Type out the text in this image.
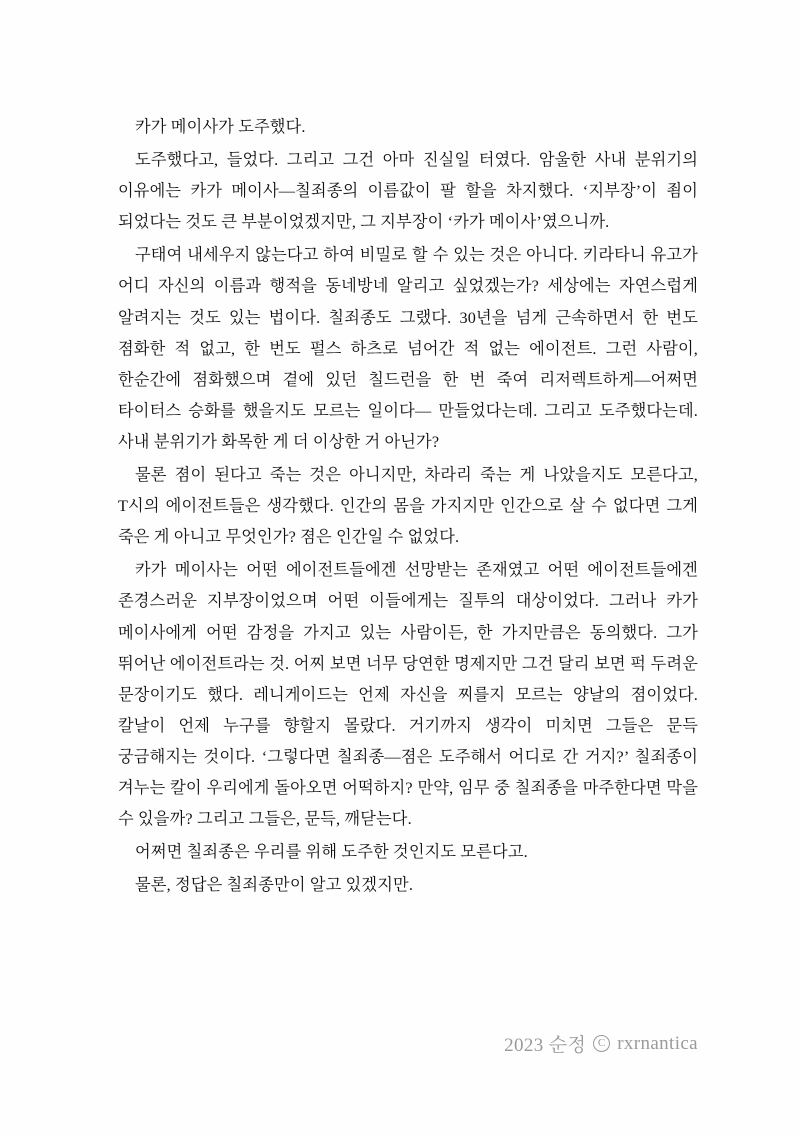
카가 메이사가 도주했다.

도주했다고, 들었다. 그리고 그건 아마 진실일 터였다. 암울한 사내 분위기의 이유에는 카가 메이사—칠죄종의 이름값이 팔 할을 차지했다. ‘지부장’이 죔이 되었다는 것도 큰 부분이었겠지만, 그 지부장이 ‘카가 메이사’였으니까.

구태여 내세우지 않는다고 하여 비밀로 할 수 있는 것은 아니다. 키라타니 유고가 어디 자신의 이름과 행적을 동네방네 알리고 싶었겠는가? 세상에는 자연스럽게 알려지는 것도 있는 법이다. 칠죄종도 그랬다. 30년을 넘게 근속하면서 한 번도 졈화한 적 없고, 한 번도 펄스 하츠로 넘어간 적 없는 에이전트. 그런 사람이, 한순간에 졈화했으며 곁에 있던 칠드런을 한 번 죽여 리저렉트하게—어쩌면 타이터스 승화를 했을지도 모르는 일이다— 만들었다는데. 그리고 도주했다는데. 사내 분위기가 화목한 게 더 이상한 거 아닌가?

물론 졈이 된다고 죽는 것은 아니지만, 차라리 죽는 게 나았을지도 모른다고, T시의 에이전트들은 생각했다. 인간의 몸을 가지지만 인간으로 살 수 없다면 그게 죽은 게 아니고 무엇인가? 졈은 인간일 수 없었다.

카가 메이사는 어떤 에이전트들에겐 선망받는 존재였고 어떤 에이전트들에겐 존경스러운 지부장이었으며 어떤 이들에게는 질투의 대상이었다. 그러나 카가 메이사에게 어떤 감정을 가지고 있는 사람이든, 한 가지만큼은 동의했다. 그가 뛰어난 에이전트라는 것. 어찌 보면 너무 당연한 명제지만 그건 달리 보면 퍽 두려운 문장이기도 했다. 레니게이드는 언제 자신을 찌를지 모르는 양날의 졈이었다. 칼날이 언제 누구를 향할지 몰랐다. 거기까지 생각이 미치면 그들은 문득 궁금해지는 것이다. ‘그렇다면 칠죄종—졈은 도주해서 어디로 간 거지?’ 칠죄종이 겨누는 칼이 우리에게 돌아오면 어떡하지? 만약, 임무 중 칠죄종을 마주한다면 막을 수 있을까? 그리고 그들은, 문득, 깨닫는다.

어쩌면 칠죄종은 우리를 위해 도주한 것인지도 모른다고.

물론, 정답은 칠죄종만이 알고 있겠지만.

2023 순정	C rxrnantica
